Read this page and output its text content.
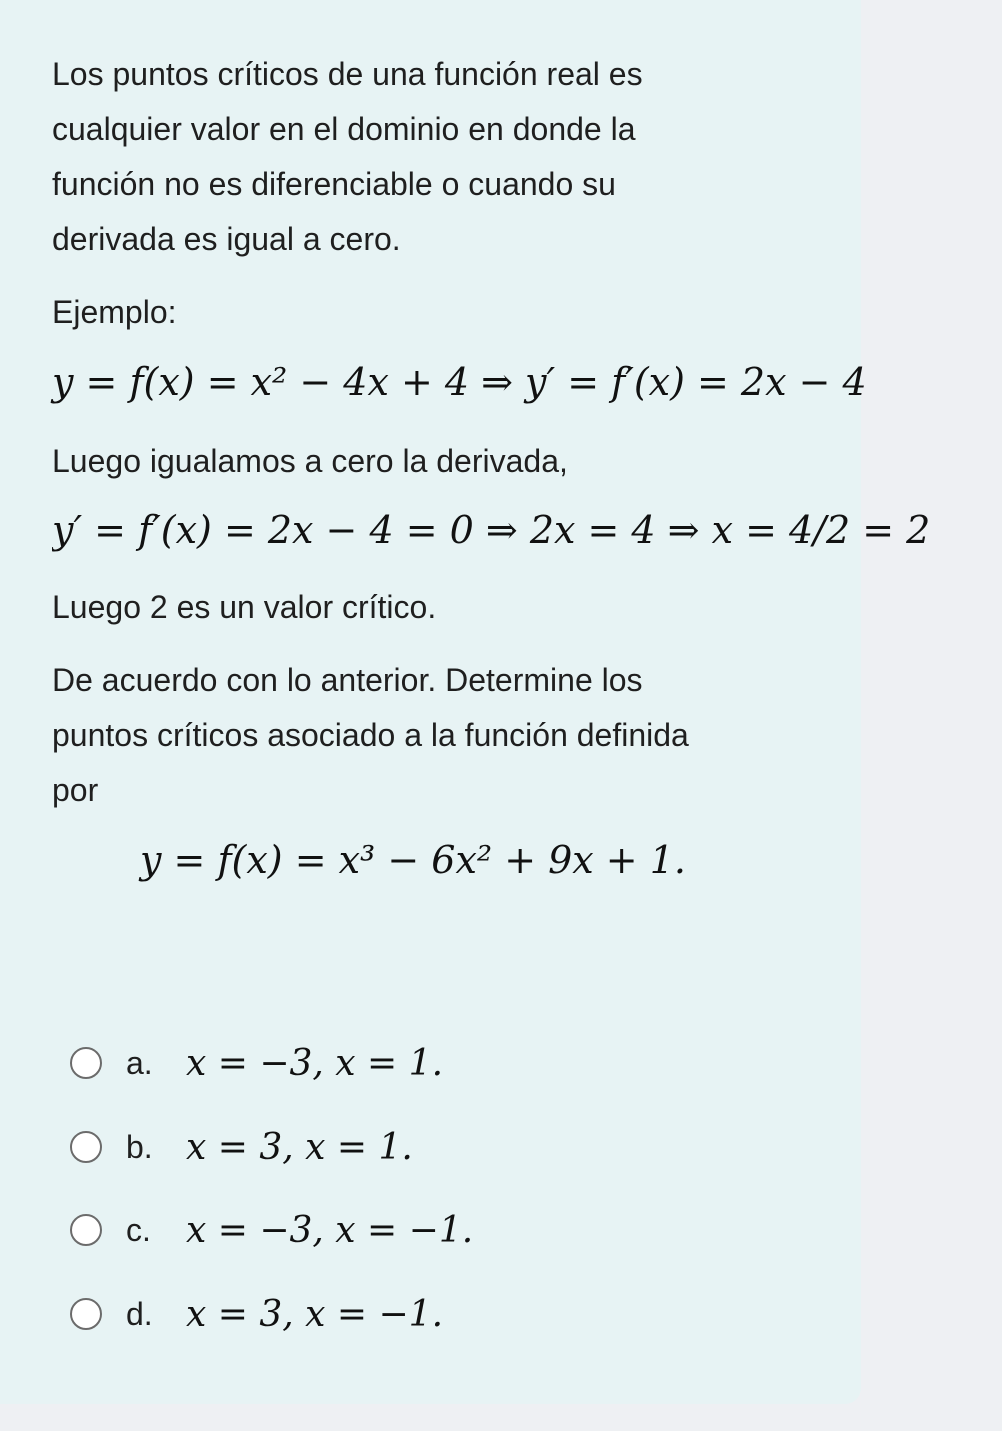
Los puntos críticos de una función real es

cualquier valor en el dominio en donde la

función no es diferenciable o cuando su

derivada es igual a cero.

Ejemplo:

y = f(x) = x² − 4x + 4 ⇒ y′ = f′(x) = 2x − 4

Luego igualamos a cero la derivada,

y′ = f′(x) = 2x − 4 = 0 ⇒ 2x = 4 ⇒ x = 4/2 = 2

Luego 2 es un valor crítico.

De acuerdo con lo anterior. Determine los

puntos críticos asociado a la función definida

por

y = f(x) = x³ − 6x² + 9x + 1.
a. x = −3, x = 1.
b. x = 3, x = 1.
c. x = −3, x = −1.
d. x = 3, x = −1.
